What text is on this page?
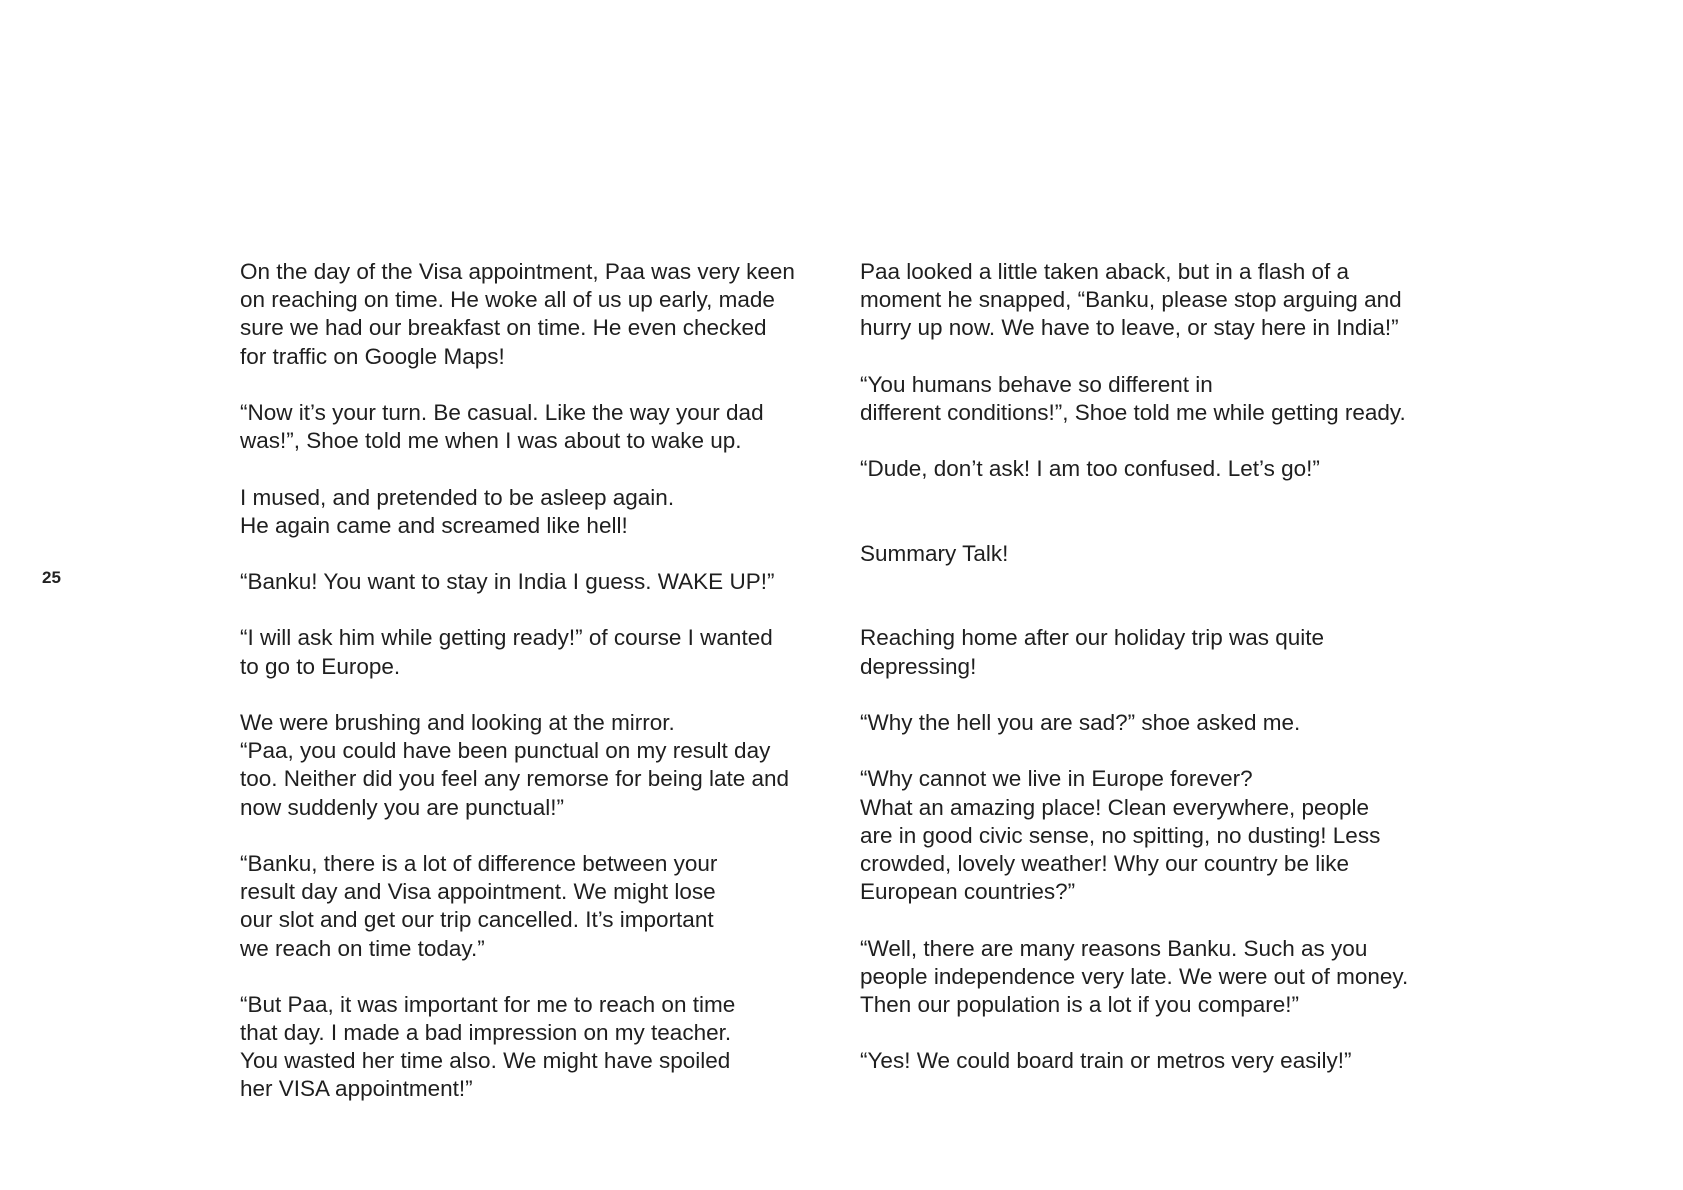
25
On the day of the Visa appointment, Paa was very keen
on reaching on time. He woke all of us up early, made
sure we had our breakfast on time. He even checked
for traffic on Google Maps!
“Now it’s your turn. Be casual. Like the way your dad
was!”, Shoe told me when I was about to wake up.
I mused, and pretended to be asleep again.
He again came and screamed like hell!
“Banku! You want to stay in India I guess. WAKE UP!”
“I will ask him while getting ready!” of course I wanted
to go to Europe.
We were brushing and looking at the mirror.
“Paa, you could have been punctual on my result day
too. Neither did you feel any remorse for being late and
now suddenly you are punctual!”
“Banku, there is a lot of difference between your
result day and Visa appointment. We might lose
our slot and get our trip cancelled. It’s important
we reach on time today.”
“But Paa, it was important for me to reach on time
that day. I made a bad impression on my teacher.
You wasted her time also. We might have spoiled
her VISA appointment!”
Paa looked a little taken aback, but in a flash of a
moment he snapped, “Banku, please stop arguing and
hurry up now. We have to leave, or stay here in India!”
“You humans behave so different in
different conditions!”, Shoe told me while getting ready.
“Dude, don’t ask! I am too confused. Let’s go!”
Summary Talk!
Reaching home after our holiday trip was quite
depressing!
“Why the hell you are sad?” shoe asked me.
“Why cannot we live in Europe forever?
What an amazing place! Clean everywhere, people
are in good civic sense, no spitting, no dusting! Less
crowded, lovely weather! Why our country be like
European countries?”
“Well, there are many reasons Banku. Such as you
people independence very late. We were out of money.
Then our population is a lot if you compare!”
“Yes! We could board train or metros very easily!”
